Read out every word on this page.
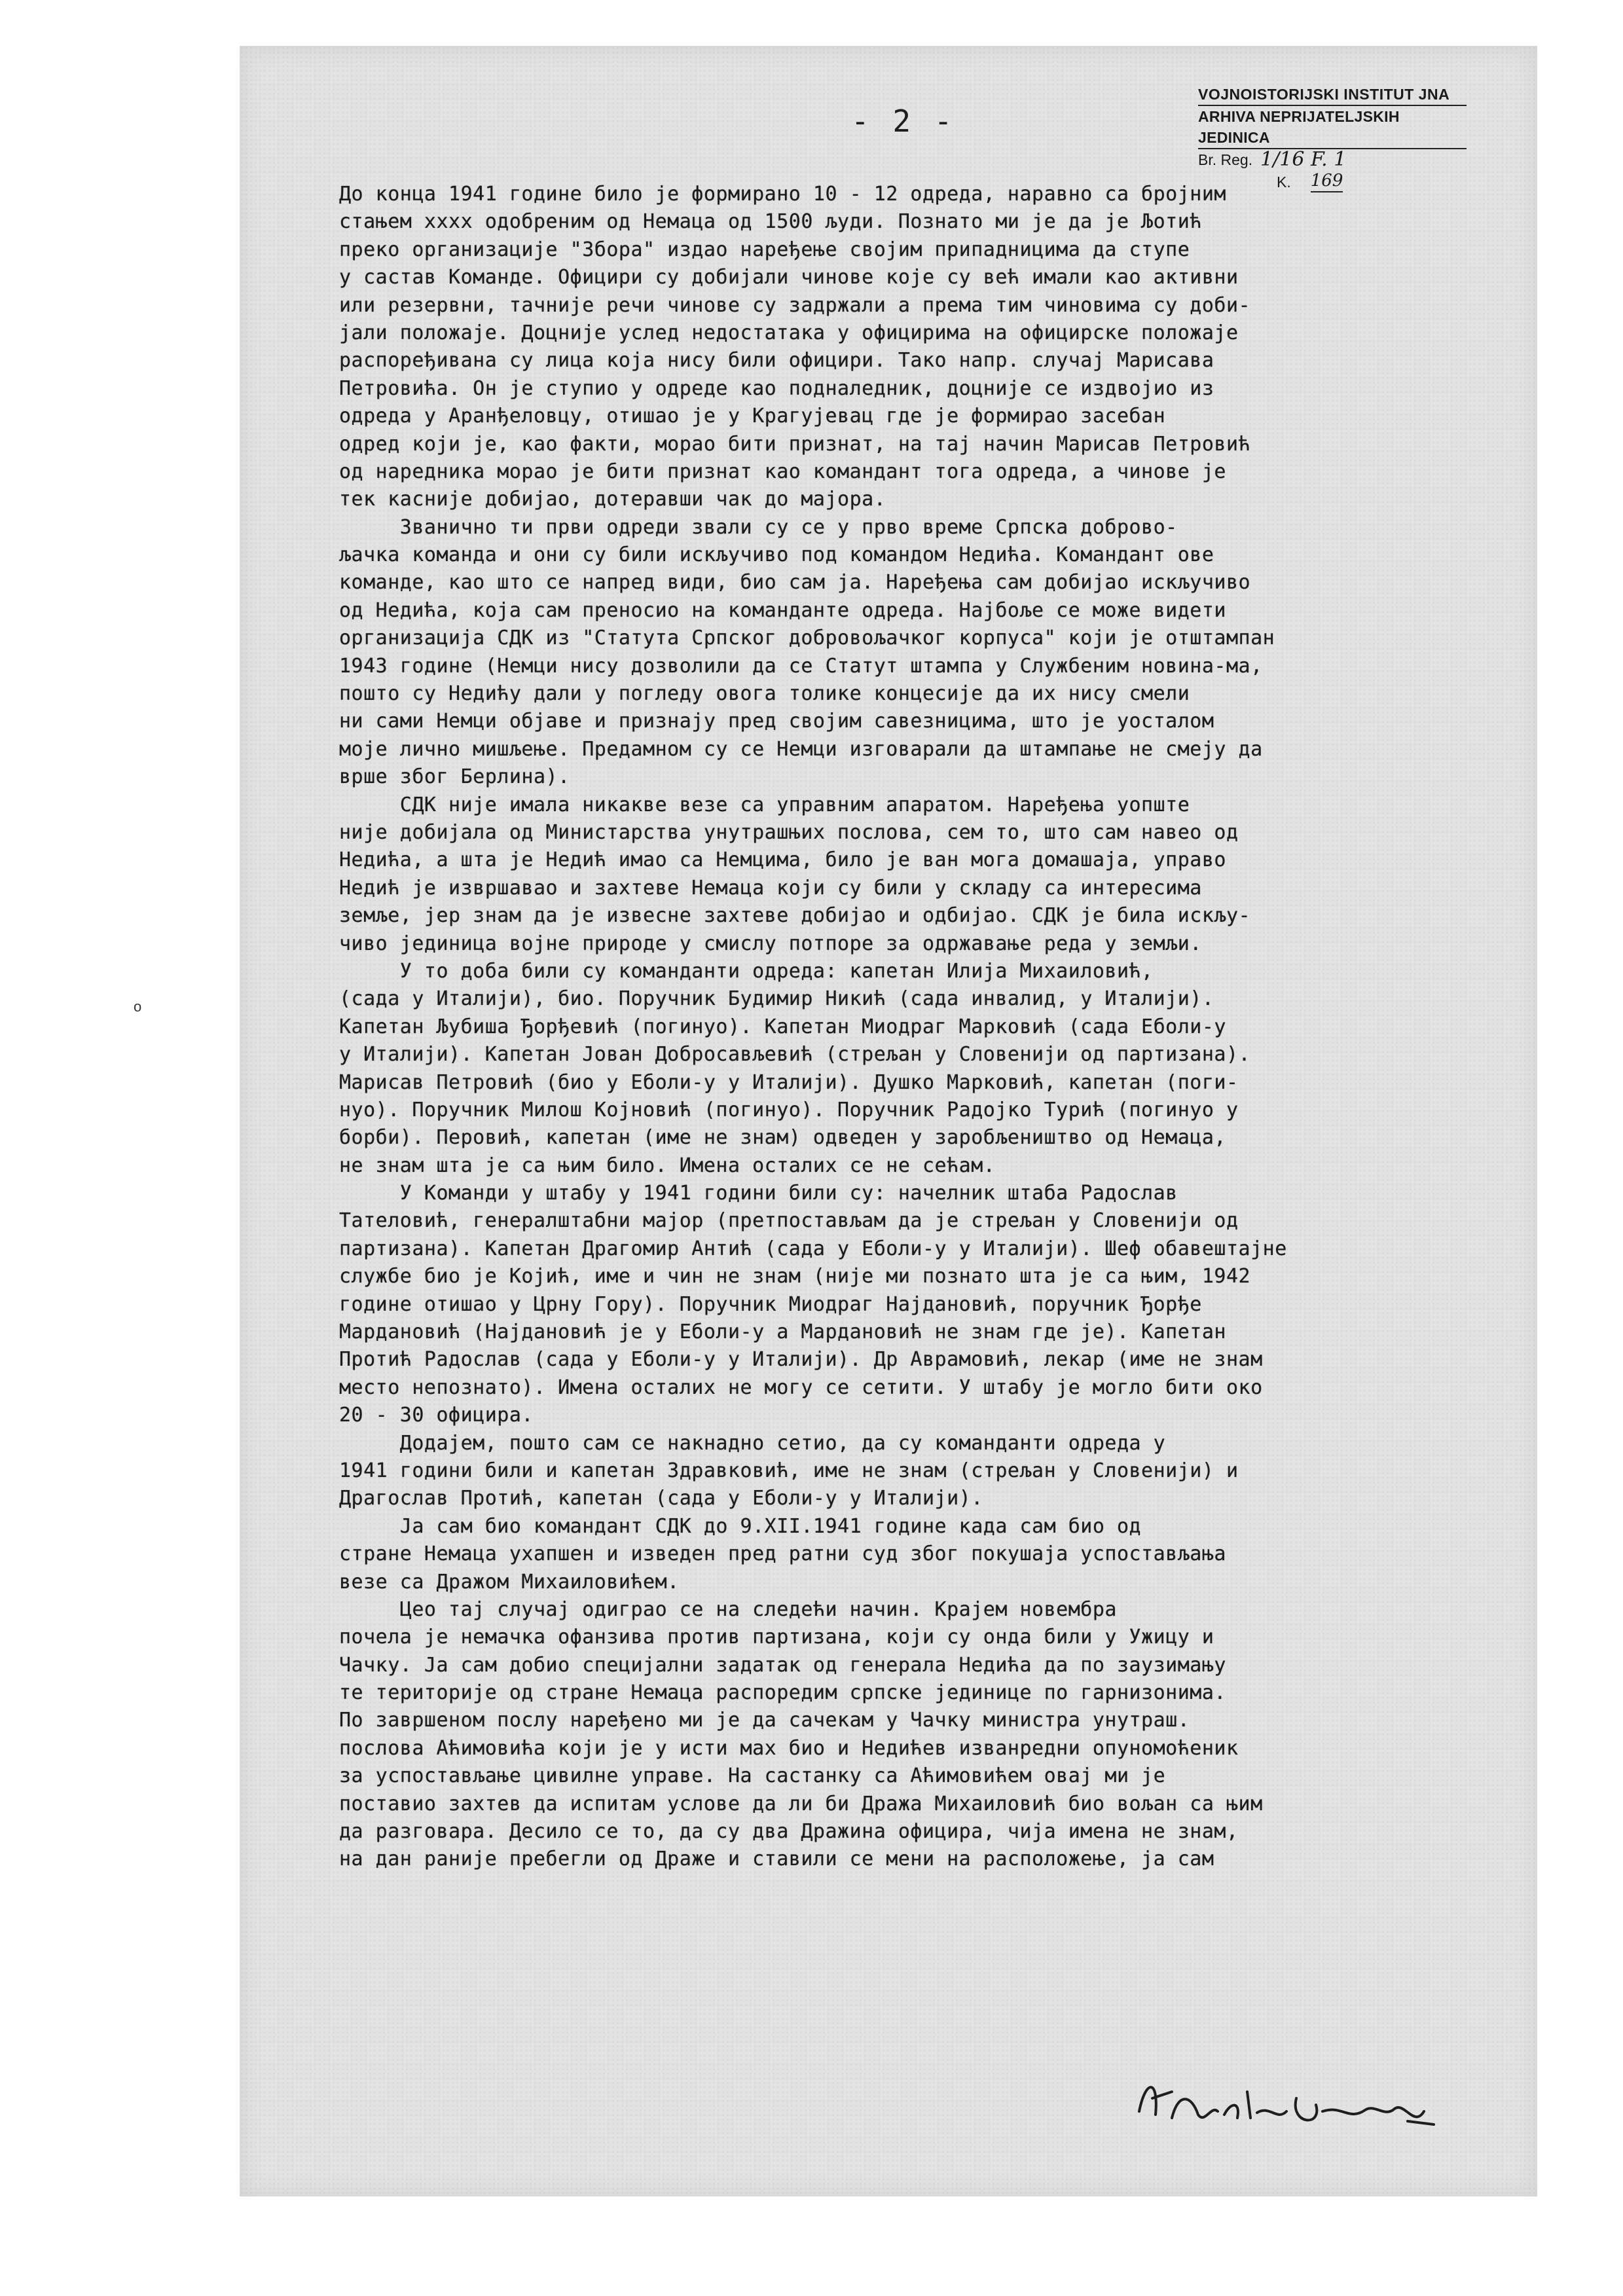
- 2 -
VOJNOISTORIJSKI INSTITUT JNA
ARHIVA NEPRIJATELJSKIH JEDINICA
Br. Reg. 1/16 F. 1
K. 169
o
До конца 1941 године било је формирано 10 - 12 одреда, наравно са бројним
стањем xxxx одобреним од Немаца од 1500 људи. Познато ми је да је Љотић
преко организације "Збора" издао наређење својим припадницима да ступе
у састав Команде. Официри су добијали чинове које су већ имали као активни
или резервни, тачније речи чинове су задржали а према тим чиновима су доби-
јали положаје. Доцније услед недостатака у официрима на официрске положаје
распоређивана су лица која нису били официри. Тако напр. случај Марисава
Петровића. Он је ступио у одреде као подналедник, доцније се издвојио из
одреда у Аранђеловцу, отишао је у Крагујевац где је формирао засебан
одред који је, као факти, морао бити признат, на тај начин Марисав Петровић
од наредника морао је бити признат као командант тога одреда, а чинове је
тек касније добијао, дотеравши чак до мајора.
Званично ти први одреди звали су се у прво време Српска доброво-
љачка команда и они су били искључиво под командом Недића. Командант ове
команде, као што се напред види, био сам ја. Наређења сам добијао искључиво
од Недића, која сам преносио на команданте одреда. Најбоље се може видети
организација СДК из "Статута Српског добровољачког корпуса" који је отштампан
1943 године (Немци нису дозволили да се Статут штампа у Службеним новина-ма,
пошто су Недићу дали у погледу овога толике концесије да их нису смели
ни сами Немци објаве и признају пред својим савезницима, што је уосталом
моје лично мишљење. Предамном су се Немци изговарали да штампање не смеју да
врше због Берлина).
СДК није имала никакве везе са управним апаратом. Наређења уопште
није добијала од Министарства унутрашњих послова, сем то, што сам навео од
Недића, а шта је Недић имао са Немцима, било је ван мога домашаја, управо
Недић је извршавао и захтеве Немаца који су били у складу са интересима
земље, јер знам да је извесне захтеве добијао и одбијао. СДК је била искљу-
чиво јединица војне природе у смислу потпоре за одржавање реда у земљи.
У то доба били су команданти одреда: капетан Илија Михаиловић,
(сада у Италији), био. Поручник Будимир Никић (сада инвалид, у Италији).
Капетан Љубиша Ђорђевић (погинуо). Капетан Миодраг Марковић (сада Еболи-у
у Италији). Капетан Јован Добросављевић (стрељан у Словенији од партизана).
Марисав Петровић (био у Еболи-у у Италији). Душко Марковић, капетан (поги-
нуо). Поручник Милош Којновић (погинуо). Поручник Радојко Турић (погинуо у
борби). Перовић, капетан (име не знам) одведен у заробљеништво од Немаца,
не знам шта је са њим било. Имена осталих се не сећам.
У Команди у штабу у 1941 години били су: начелник штаба Радослав
Тателовић, генералштабни мајор (претпостављам да је стрељан у Словенији од
партизана). Капетан Драгомир Антић (сада у Еболи-у у Италији). Шеф обавештајне
службе био је Којић, име и чин не знам (није ми познато шта је са њим, 1942
године отишао у Црну Гору). Поручник Миодраг Најдановић, поручник Ђорђе
Мардановић (Најдановић је у Еболи-у а Мардановић не знам где је). Капетан
Протић Радослав (сада у Еболи-у у Италији). Др Аврамовић, лекар (име не знам
место непознато). Имена осталих не могу се сетити. У штабу је могло бити око
20 - 30 официра.
Додајем, пошто сам се накнадно сетио, да су команданти одреда у
1941 години били и капетан Здравковић, име не знам (стрељан у Словенији) и
Драгослав Протић, капетан (сада у Еболи-у у Италији).
Ја сам био командант СДК до 9.XII.1941 године када сам био од
стране Немаца ухапшен и изведен пред ратни суд због покушаја успостављања
везе са Дражом Михаиловићем.
Цео тај случај одиграо се на следећи начин. Крајем новембра
почела је немачка офанзива против партизана, који су онда били у Ужицу и
Чачку. Ја сам добио специјални задатак од генерала Недића да по заузимању
те територије од стране Немаца распоредим српске јединице по гарнизонима.
По завршеном послу наређено ми је да сачекам у Чачку министра унутраш.
послова Аћимовића који је у исти мах био и Недићев изванредни опуномоћеник
за успостављање цивилне управе. На састанку са Аћимовићем овај ми је
поставио захтев да испитам услове да ли би Дража Михаиловић био вољан са њим
да разговара. Десило се то, да су два Дражина официра, чија имена не знам,
на дан раније пребегли од Драже и ставили се мени на расположење, ја сам
